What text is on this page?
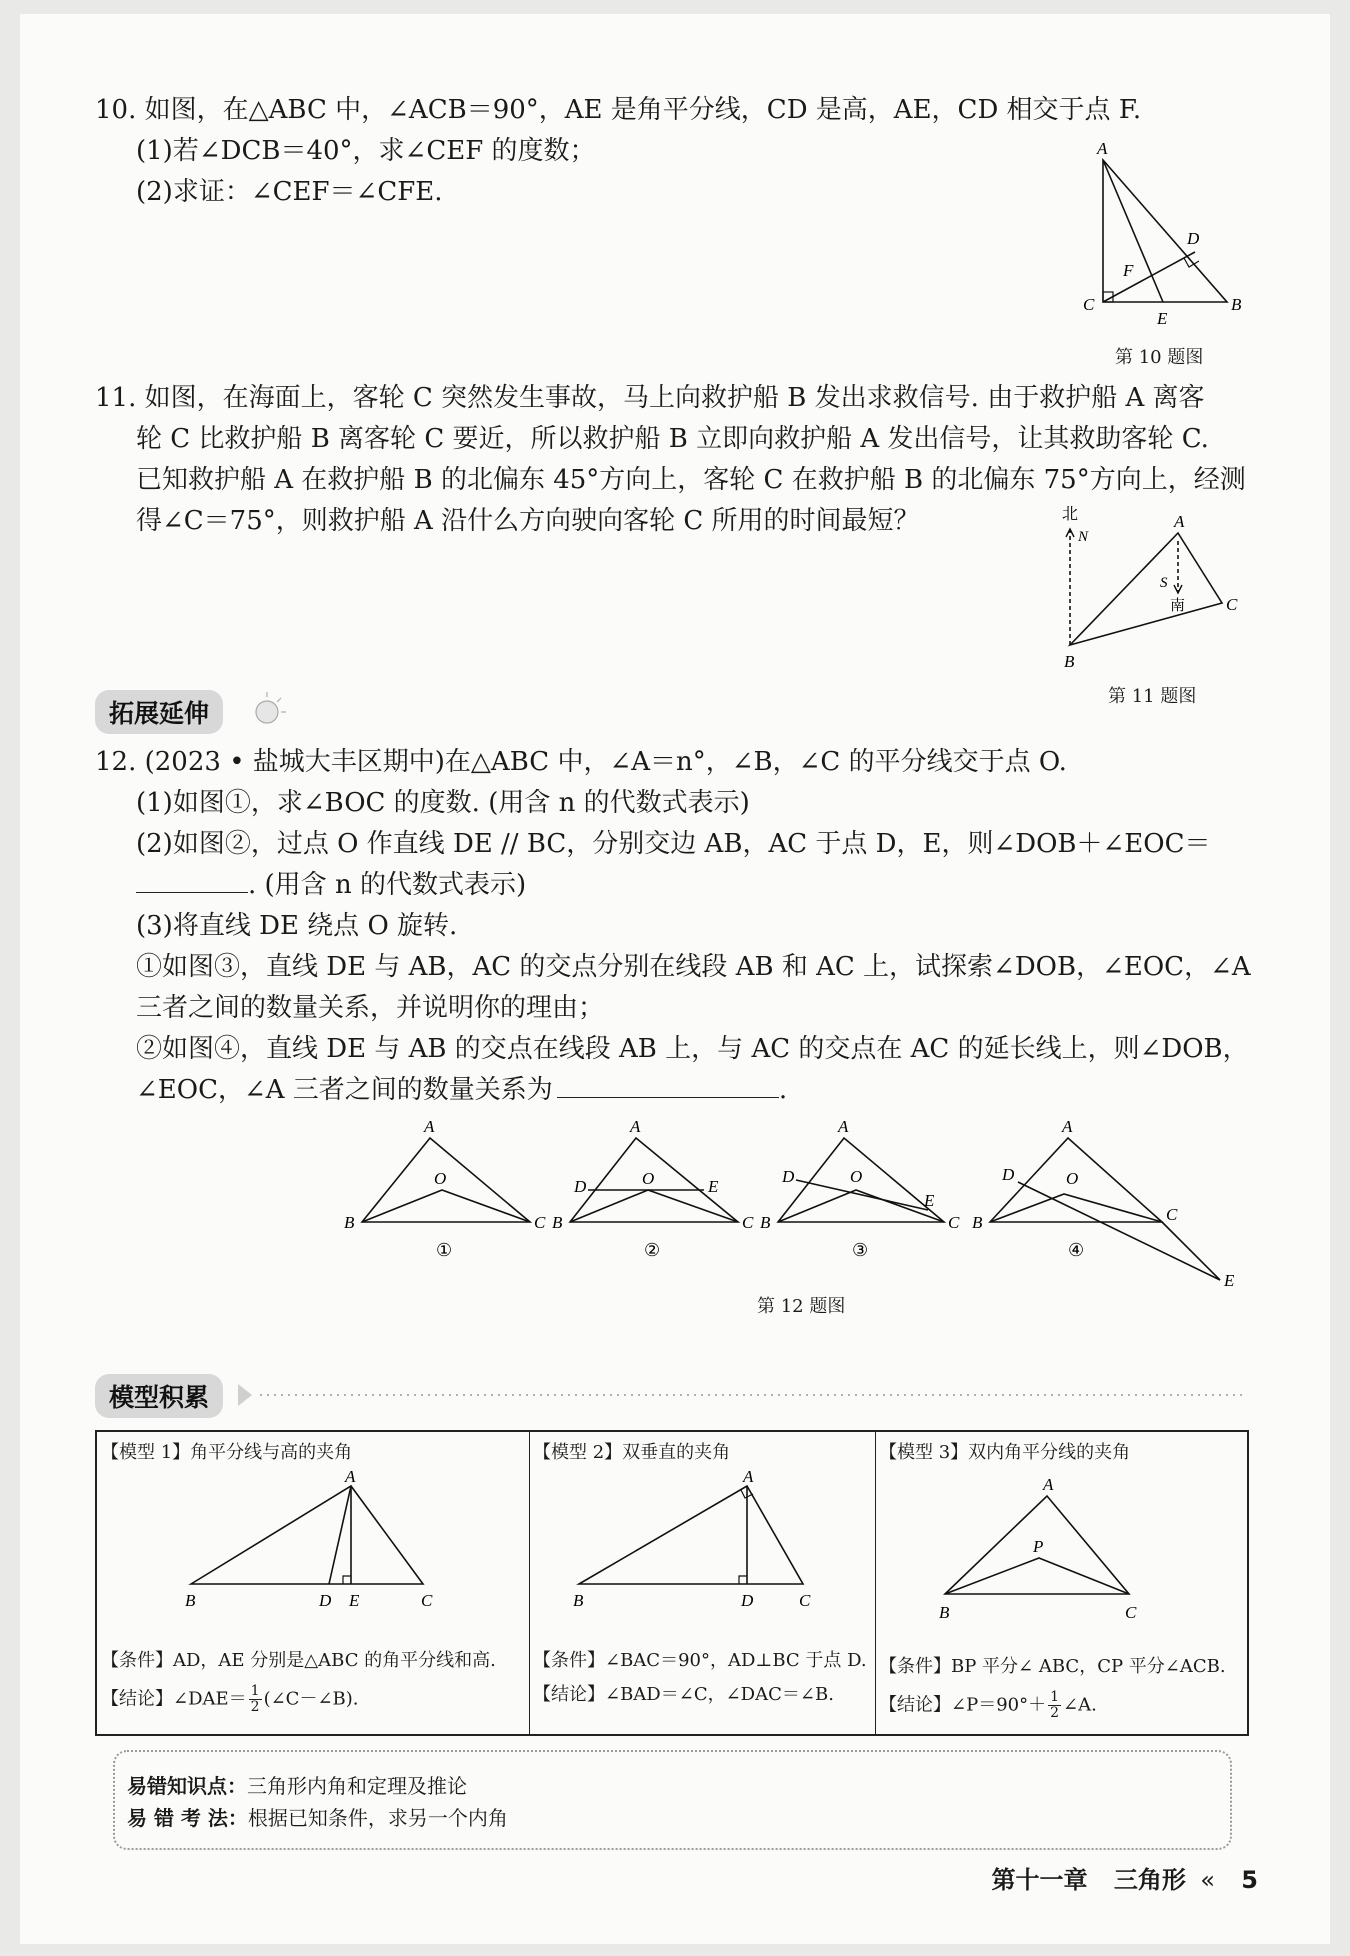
10. 如图，在△ABC 中，∠ACB＝90°，AE 是角平分线，CD 是高，AE，CD 相交于点 F.
(1)若∠DCB＝40°，求∠CEF 的度数；
(2)求证：∠CEF＝∠CFE.
A
D
F
C
E
B
第 10 题图
11. 如图，在海面上，客轮 C 突然发生事故，马上向救护船 B 发出求救信号. 由于救护船 A 离客
轮 C 比救护船 B 离客轮 C 要近，所以救护船 B 立即向救护船 A 发出信号，让其救助客轮 C.
已知救护船 A 在救护船 B 的北偏东 45°方向上，客轮 C 在救护船 B 的北偏东 75°方向上，经测
得∠C＝75°，则救护船 A 沿什么方向驶向客轮 C 所用的时间最短？	北
N
A
S
南 C
B
第 11 题图
拓展延伸
12. (2023 • 盐城大丰区期中)在△ABC 中，∠A＝n°，∠B，∠C 的平分线交于点 O.
(1)如图①，求∠BOC 的度数. (用含 n 的代数式表示)
(2)如图②，过点 O 作直线 DE // BC，分别交边 AB，AC 于点 D，E，则∠DOB＋∠EOC＝
. (用含 n 的代数式表示)
(3)将直线 DE 绕点 O 旋转.
①如图③，直线 DE 与 AB，AC 的交点分别在线段 AB 和 AC 上，试探索∠DOB，∠EOC，∠A
三者之间的数量关系，并说明你的理由；
②如图④，直线 DE 与 AB 的交点在线段 AB 上，与 AC 的交点在 AC 的延长线上，则∠DOB，
∠EOC，∠A 三者之间的数量关系为	.
A
B	C
O
A
B	C
O
D	E
A
B	C
O
D
E
A
B	C
O
D
E
①	②	③	④
第 12 题图
模型积累
【模型 1】角平分线与高的夹角
A
B	D E	C
【条件】AD，AE 分别是△ABC 的角平分线和高.
【结论】∠DAE＝ $\frac{1}{2}$ (∠C－∠B).
【模型 2】双垂直的夹角
A
B	D	C
【条件】∠BAC＝90°，AD⊥BC 于点 D.
【结论】∠BAD＝∠C，∠DAC＝∠B.
【模型 3】双内角平分线的夹角
A
P
B	C
【条件】BP 平分∠ ABC，CP 平分∠ACB.
【结论】∠P＝90°＋ $\frac{1}{2}$ ∠A.
易错知识点：三角形内角和定理及推论
易 错 考 法：根据已知条件，求另一个内角
第十一章 三角形 « 5
